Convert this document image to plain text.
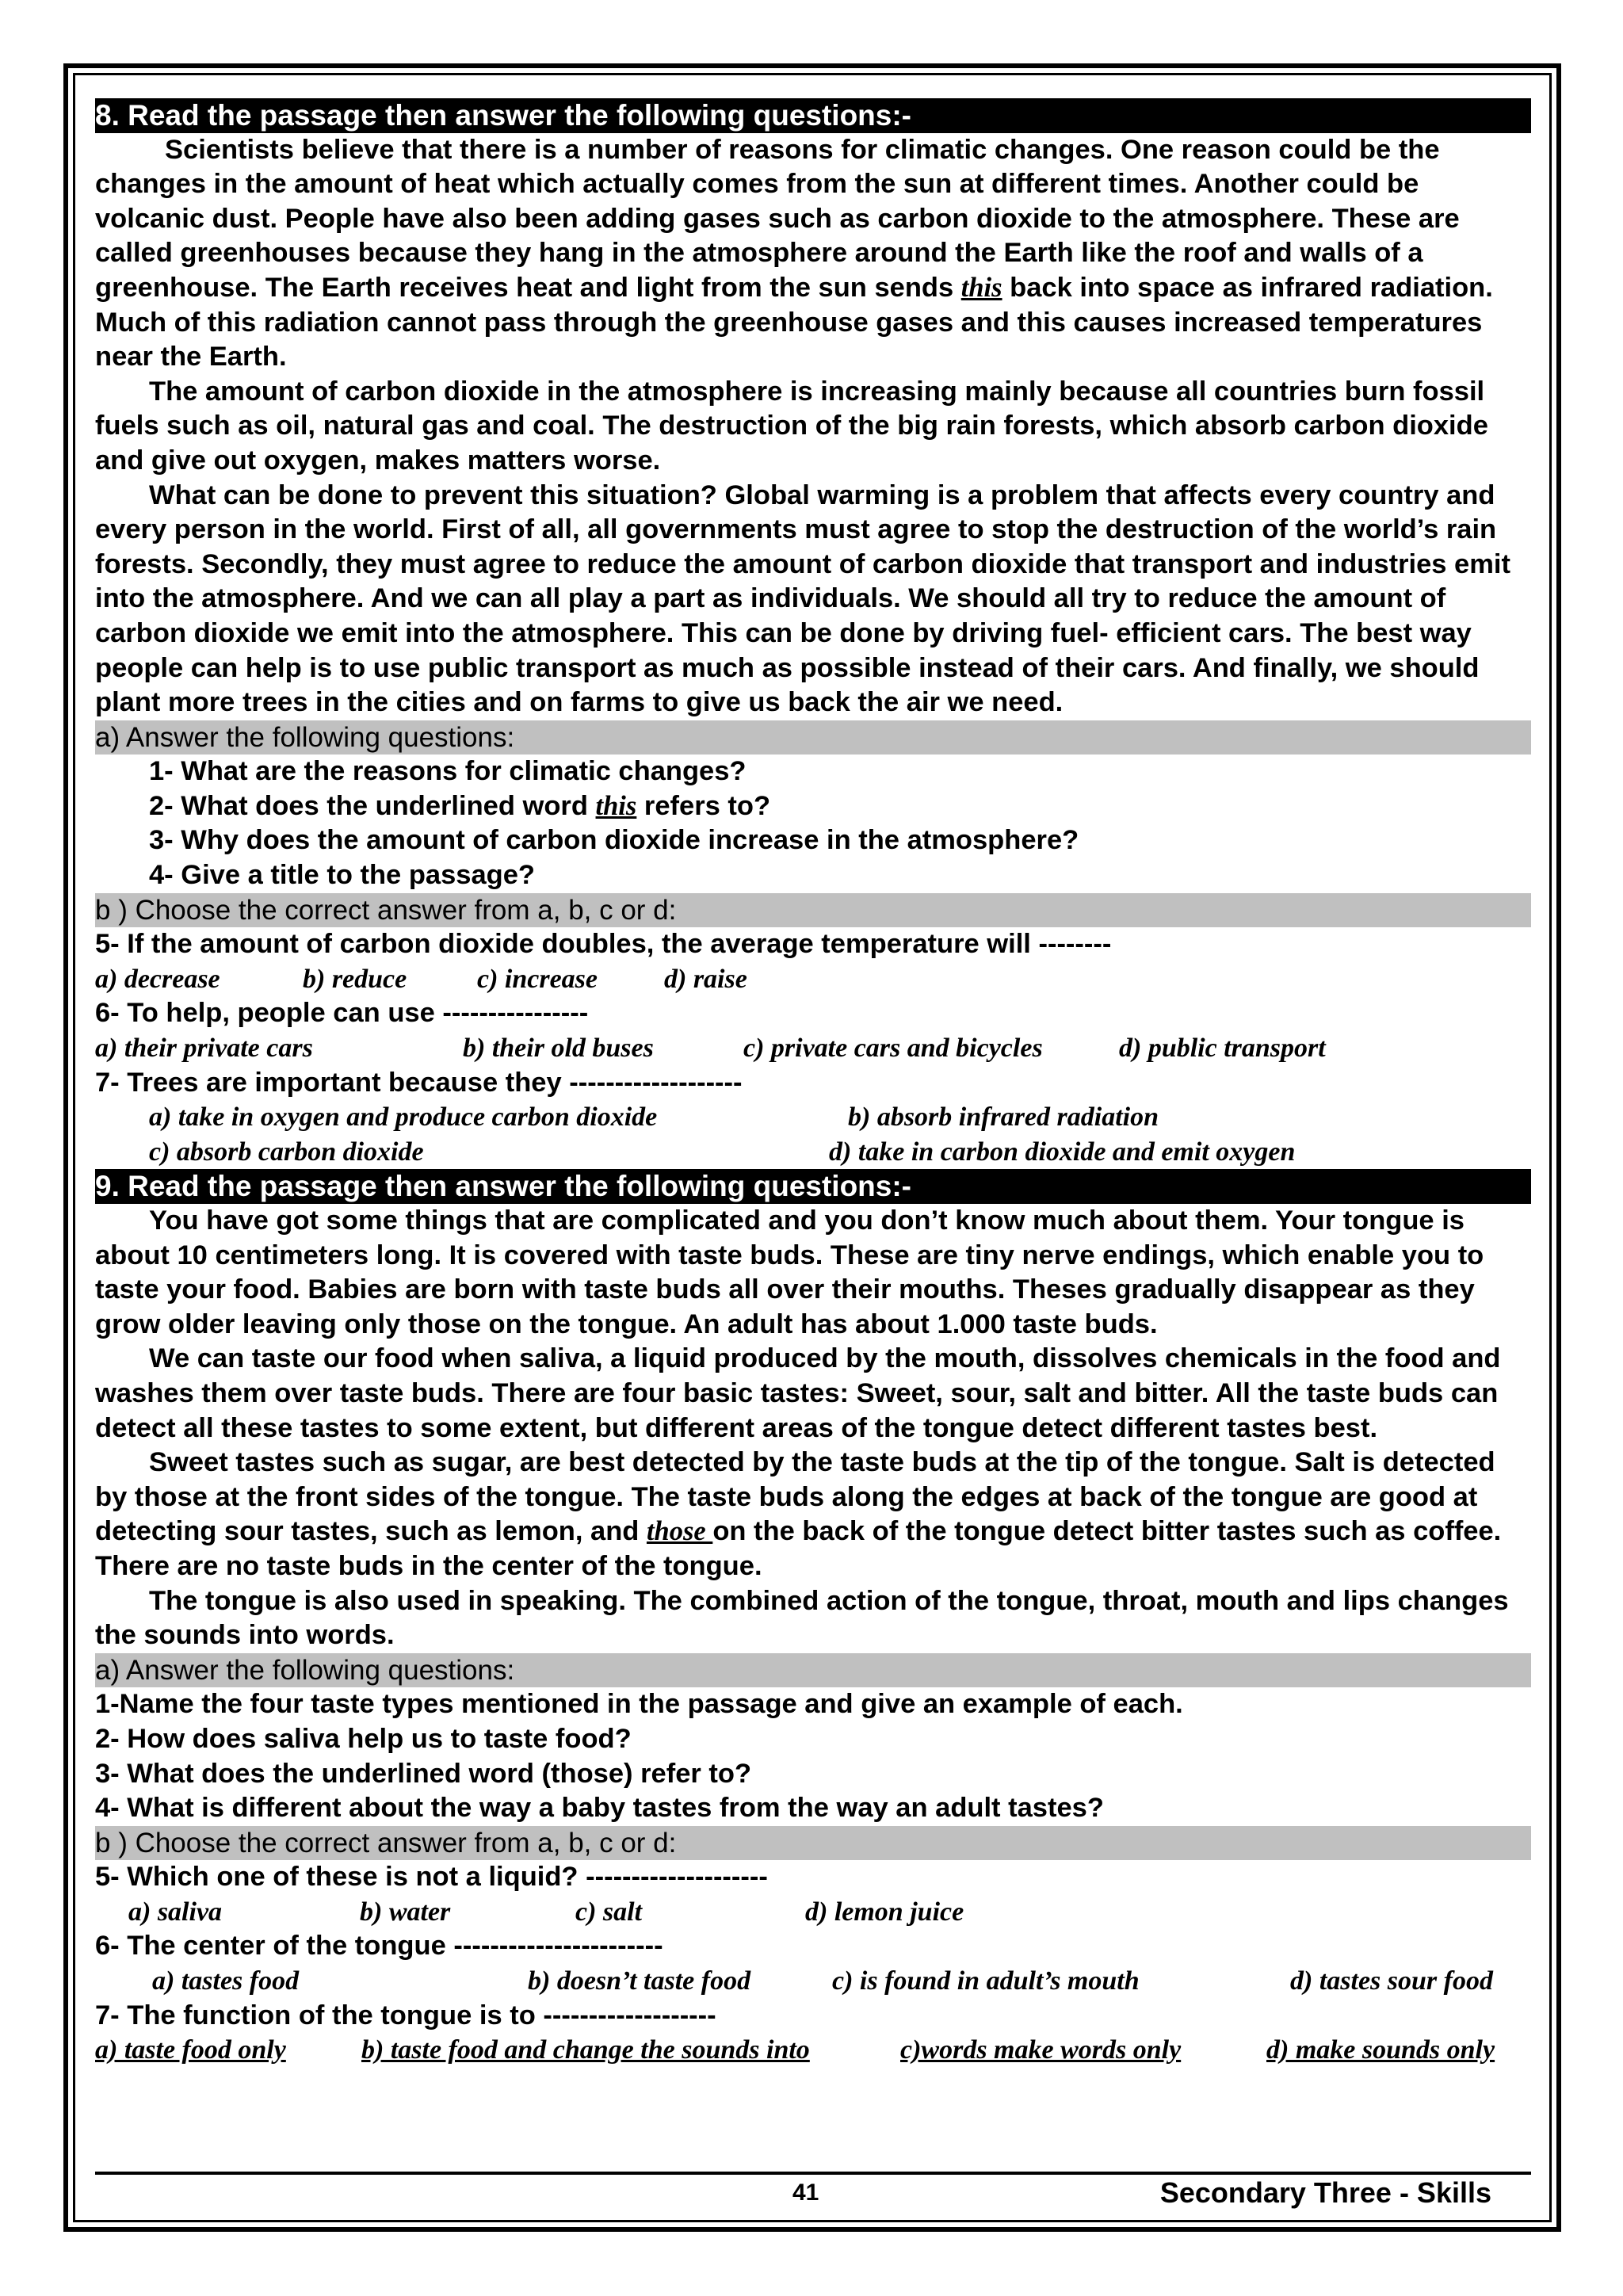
8. Read the passage then answer the following questions:-

Scientists believe that there is a number of reasons for climatic changes. One reason could be the changes in the amount of heat which actually comes from the sun at different times. Another could be volcanic dust. People have also been adding gases such as carbon dioxide to the atmosphere. These are called greenhouses because they hang in the atmosphere around the Earth like the roof and walls of a greenhouse. The Earth receives heat and light from the sun sends this back into space as infrared radiation. Much of this radiation cannot pass through the greenhouse gases and this causes increased temperatures near the Earth.

The amount of carbon dioxide in the atmosphere is increasing mainly because all countries burn fossil fuels such as oil, natural gas and coal. The destruction of the big rain forests, which absorb carbon dioxide and give out oxygen, makes matters worse.

What can be done to prevent this situation? Global warming is a problem that affects every country and every person in the world. First of all, all governments must agree to stop the destruction of the world’s rain forests. Secondly, they must agree to reduce the amount of carbon dioxide that transport and industries emit into the atmosphere. And we can all play a part as individuals. We should all try to reduce the amount of carbon dioxide we emit into the atmosphere. This can be done by driving fuel- efficient cars. The best way people can help is to use public transport as much as possible instead of their cars. And finally, we should plant more trees in the cities and on farms to give us back the air we need.

a) Answer the following questions:
1- What are the reasons for climatic changes?
2- What does the underlined word this refers to?
3- Why does the amount of carbon dioxide increase in the atmosphere?
4- Give a title to the passage?
b ) Choose the correct answer from a, b, c or d:
5- If the amount of carbon dioxide doubles, the average temperature will --------
a) decrease	b) reduce	c) increase d) raise
6- To help, people can use ----------------
a) their private cars	b) their old buses	c) private cars and bicycles	d) public transport
7- Trees are important because they -------------------
a) take in oxygen and produce carbon dioxide	b) absorb infrared radiation
c) absorb carbon dioxide	d) take in carbon dioxide and emit oxygen
9. Read the passage then answer the following questions:-

You have got some things that are complicated and you don’t know much about them. Your tongue is about 10 centimeters long. It is covered with taste buds. These are tiny nerve endings, which enable you to taste your food. Babies are born with taste buds all over their mouths. Theses gradually disappear as they grow older leaving only those on the tongue. An adult has about 1.000 taste buds.

We can taste our food when saliva, a liquid produced by the mouth, dissolves chemicals in the food and washes them over taste buds. There are four basic tastes: Sweet, sour, salt and bitter. All the taste buds can detect all these tastes to some extent, but different areas of the tongue detect different tastes best.

Sweet tastes such as sugar, are best detected by the taste buds at the tip of the tongue. Salt is detected by those at the front sides of the tongue. The taste buds along the edges at back of the tongue are good at detecting sour tastes, such as lemon, and those on the back of the tongue detect bitter tastes such as coffee. There are no taste buds in the center of the tongue.

The tongue is also used in speaking. The combined action of the tongue, throat, mouth and lips changes the sounds into words.

a) Answer the following questions:
1-Name the four taste types mentioned in the passage and give an example of each.
2- How does saliva help us to taste food?
3- What does the underlined word (those) refer to?
4- What is different about the way a baby tastes from the way an adult tastes?
b ) Choose the correct answer from a, b, c or d:
5- Which one of these is not a liquid? --------------------
a) saliva	b) water	c) salt	d) lemon juice
6- The center of the tongue -----------------------
a) tastes food	b) doesn’t taste food	c) is found in adult’s mouth	d) tastes sour food
7- The function of the tongue is to -------------------
a) taste food only	b) taste food and change the sounds into	c)words make words only	d) make sounds only
41	Secondary Three - Skills
